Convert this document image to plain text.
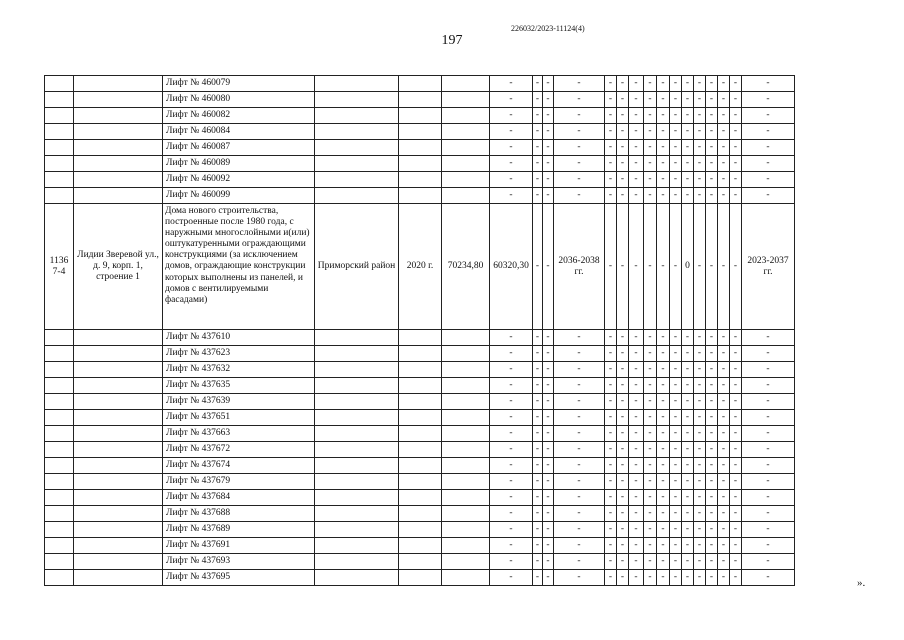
197
226032/2023-11124(4)
		Лифт № 460079				-	-	-	-	-	-	-	-	-	-	-	-	-	-	-	-
		Лифт № 460080				-	-	-	-	-	-	-	-	-	-	-	-	-	-	-	-
		Лифт № 460082				-	-	-	-	-	-	-	-	-	-	-	-	-	-	-	-
		Лифт № 460084				-	-	-	-	-	-	-	-	-	-	-	-	-	-	-	-
		Лифт № 460087				-	-	-	-	-	-	-	-	-	-	-	-	-	-	-	-
		Лифт № 460089				-	-	-	-	-	-	-	-	-	-	-	-	-	-	-	-
		Лифт № 460092				-	-	-	-	-	-	-	-	-	-	-	-	-	-	-	-
		Лифт № 460099				-	-	-	-	-	-	-	-	-	-	-	-	-	-	-	-
1136 7-4	Лидии Зверевой ул., д. 9, корп. 1, строение 1	Дома нового строительства, построенные после 1980 года, с наружными многослойными и(или) оштукатуренными ограждающими конструкциями (за исключением домов, ограждающие конструкции которых выполнены из панелей, и домов с вентилируемыми фасадами)	Приморский район	2020 г.	70234,80	60320,30	-	-	2036-2038 гг.	-	-	-	-	-	-	0	-	-	-	-	2023-2037 гг.
		Лифт № 437610				-	-	-	-	-	-	-	-	-	-	-	-	-	-	-	-
		Лифт № 437623				-	-	-	-	-	-	-	-	-	-	-	-	-	-	-	-
		Лифт № 437632				-	-	-	-	-	-	-	-	-	-	-	-	-	-	-	-
		Лифт № 437635				-	-	-	-	-	-	-	-	-	-	-	-	-	-	-	-
		Лифт № 437639				-	-	-	-	-	-	-	-	-	-	-	-	-	-	-	-
		Лифт № 437651				-	-	-	-	-	-	-	-	-	-	-	-	-	-	-	-
		Лифт № 437663				-	-	-	-	-	-	-	-	-	-	-	-	-	-	-	-
		Лифт № 437672				-	-	-	-	-	-	-	-	-	-	-	-	-	-	-	-
		Лифт № 437674				-	-	-	-	-	-	-	-	-	-	-	-	-	-	-	-
		Лифт № 437679				-	-	-	-	-	-	-	-	-	-	-	-	-	-	-	-
		Лифт № 437684				-	-	-	-	-	-	-	-	-	-	-	-	-	-	-	-
		Лифт № 437688				-	-	-	-	-	-	-	-	-	-	-	-	-	-	-	-
		Лифт № 437689				-	-	-	-	-	-	-	-	-	-	-	-	-	-	-	-
		Лифт № 437691				-	-	-	-	-	-	-	-	-	-	-	-	-	-	-	-
		Лифт № 437693				-	-	-	-	-	-	-	-	-	-	-	-	-	-	-	-
		Лифт № 437695				-	-	-	-	-	-	-	-	-	-	-	-	-	-	-	-	».
